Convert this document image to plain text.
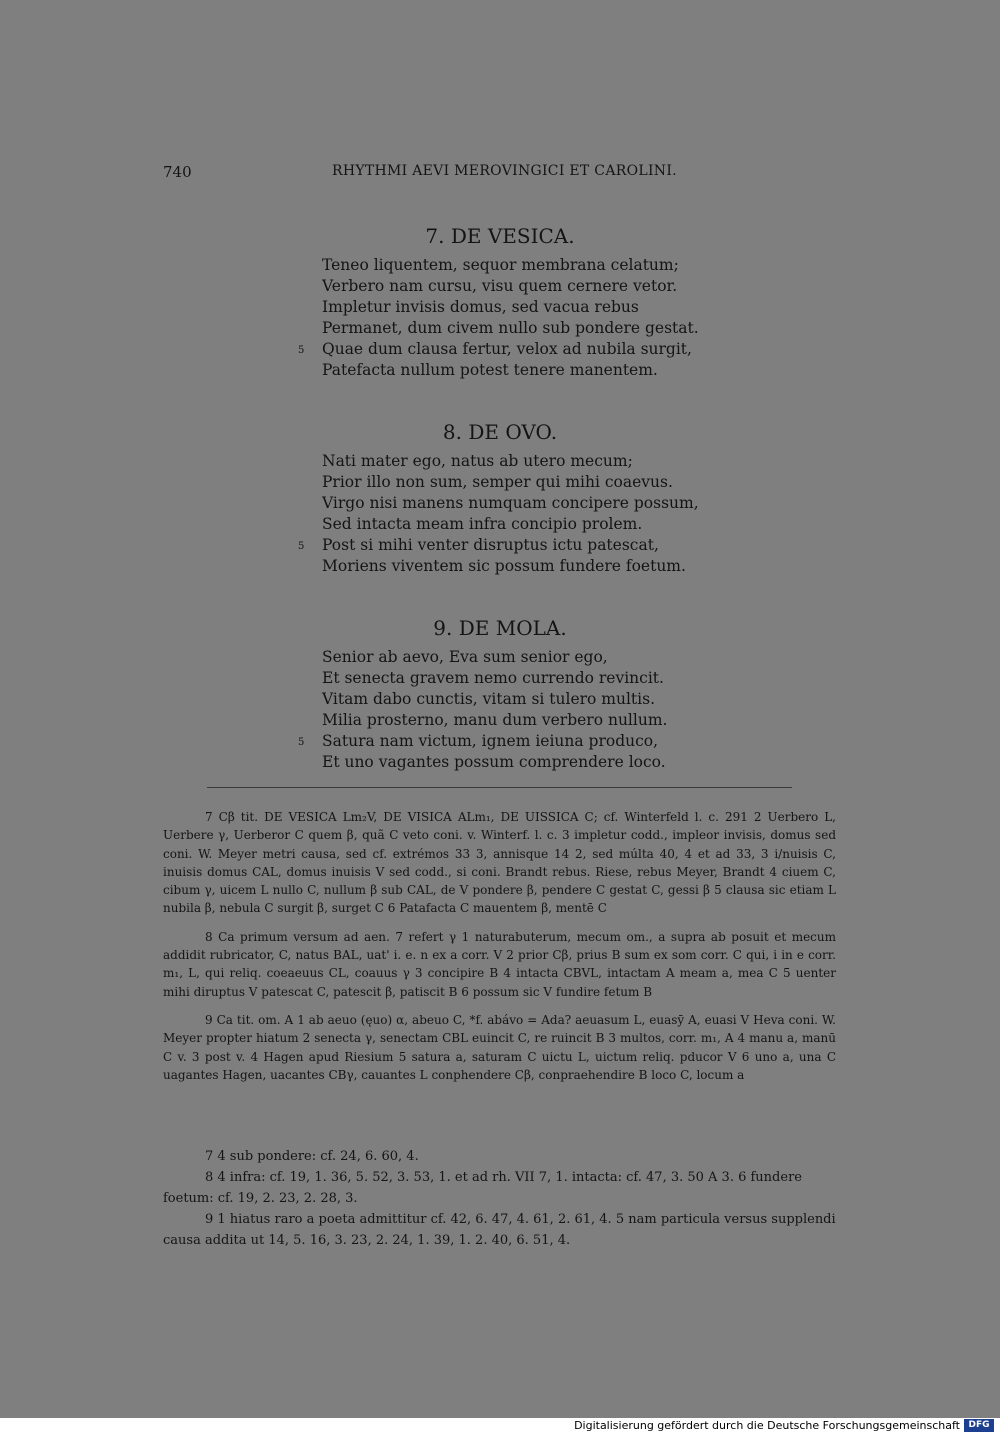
740	RHYTHMI AEVI MEROVINGICI ET CAROLINI.
7. DE VESICA.
Teneo liquentem, sequor membrana celatum;
Verbero nam cursu, visu quem cernere vetor.
Impletur invisis domus, sed vacua rebus
Permanet, dum civem nullo sub pondere gestat.
5 Quae dum clausa fertur, velox ad nubila surgit,
Patefacta nullum potest tenere manentem.
8. DE OVO.
Nati mater ego, natus ab utero mecum;
Prior illo non sum, semper qui mihi coaevus.
Virgo nisi manens numquam concipere possum,
Sed intacta meam infra concipio prolem.
5 Post si mihi venter disruptus ictu patescat,
Moriens viventem sic possum fundere foetum.
9. DE MOLA.
Senior ab aevo, Eva sum senior ego,
Et senecta gravem nemo currendo revincit.
Vitam dabo cunctis, vitam si tulero multis.
Milia prosterno, manu dum verbero nullum.
5 Satura nam victum, ignem ieiuna produco,
Et uno vagantes possum comprendere loco.

7 Cβ tit. DE VESICA Lm₂V, DE VISICA ALm₁, DE UISSICA C; cf. Winterfeld l. c. 291 2 Uerbero L, Uerbere γ, Uerberor C quem β, quã C veto coni. v. Winterf. l. c. 3 impletur codd., impleor invisis, domus sed coni. W. Meyer metri causa, sed cf. extrémos 33 3, annisque 14 2, sed múlta 40, 4 et ad 33, 3 i/nuisis C, inuisis domus CAL, domus inuisis V sed codd., si coni. Brandt rebus. Riese, rebus Meyer, Brandt 4 ciuem C, cibum γ, uicem L nullo C, nullum β sub CAL, de V pondere β, pendere C gestat C, gessi β 5 clausa sic etiam L nubila β, nebula C surgit β, surget C 6 Patafacta C mauentem β, mentē C

8 Ca primum versum ad aen. 7 refert γ 1 naturabuterum, mecum om., a supra ab posuit et mecum addidit rubricator, C, natus BAL, uat' i. e. n ex a corr. V 2 prior Cβ, prius B sum ex som corr. C qui, i in e corr. m₁, L, qui reliq. coeaeuus CL, coauus γ 3 concipire B 4 intacta CBVL, intactam A meam a, mea C 5 uenter mihi diruptus V patescat C, patescit β, patiscit B 6 possum sic V fundire fetum B

9 Ca tit. om. A 1 ab aeuo (ęuo) α, abeuo C, *f. abávo = Ada? aeuasum L, euasȳ A, euasi V Heva coni. W. Meyer propter hiatum 2 senecta γ, senectam CBL euincit C, re ruincit B 3 multos, corr. m₁, A 4 manu a, manū C v. 3 post v. 4 Hagen apud Riesium 5 satura a, saturam C uictu L, uictum reliq. pducor V 6 uno a, una C uagantes Hagen, uacantes CBγ, cauantes L conphendere Cβ, conpraehendire B loco C, locum a

7 4 sub pondere: cf. 24, 6. 60, 4.

8 4 infra: cf. 19, 1. 36, 5. 52, 3. 53, 1. et ad rh. VII 7, 1. intacta: cf. 47, 3. 50 A 3. 6 fundere foetum: cf. 19, 2. 23, 2. 28, 3.

9 1 hiatus raro a poeta admittitur cf. 42, 6. 47, 4. 61, 2. 61, 4. 5 nam particula versus supplendi causa addita ut 14, 5. 16, 3. 23, 2. 24, 1. 39, 1. 2. 40, 6. 51, 4.

Digitalisierung gefördert durch die Deutsche Forschungsgemeinschaft DFG
